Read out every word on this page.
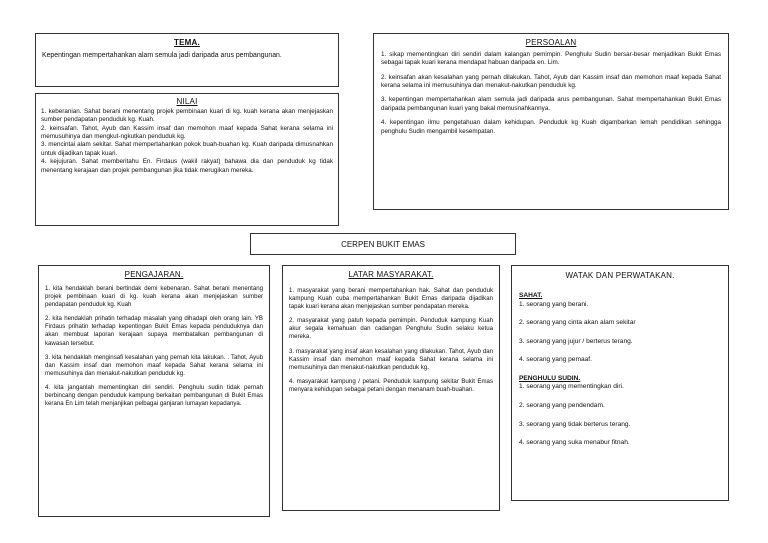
TEMA.
Kepentingan mempertahankan alam semula jadi daripada arus pembangunan.
NILAI

1. keberanian. Sahat berani menentang projek pembinaan kuari di kg. kuah kerana akan menjejaskan sumber pendapatan penduduk kg. Kuah.

2. keinsafan. Tahot, Ayub dan Kassim insaf dan memohon maaf kepada Sahat kerana selama ini memusuhinya dan mengkut-ngkutkan penduduk kg.

3. mencintai alam sekitar. Sahat mempertahankan pokok buah-buahan kg. Kuah daripada dimusnahkan untuk dijadikan tapak kuari.

4. kejujuran. Sahat memberitahu En. Firdaus (wakil rakyat) bahawa dia dan penduduk kg tidak menentang kerajaan dan projek pembangunan jika tidak merugikan mereka.

PERSOALAN

1. sikap mementingkan diri sendiri dalam kalangan pemimpin. Penghulu Sudin bersar-besar menjadikan Bukit Emas sebagai tapak kuari kerana mendapat habuan daripada en. Lim.

2. keinsafan akan kesalahan yang pernah dilakukan. Tahot, Ayub dan Kassim insaf dan memohon maaf kepada Sahat kerana selama ini memusuhinya dan menakut-nakutkan penduduk kg.

3. kepentingan mempertahankan alam semula jadi daripada arus pembangunan. Sahat mempertahankan Bukit Emas daripada pembangunan kuari yang bakal memusnahkannya.

4. kepentingan ilmu pengetahuan dalam kehidupan. Penduduk kg Kuah digambarkan lemah pendidikan sehingga penghulu Sudin mengambil kesempatan.

CERPEN BUKIT EMAS
PENGAJARAN.

1. kita hendaklah berani bertindak demi kebenaran. Sahat berani menentang projek pembinaan kuari di kg. kuah kerana akan menjejaskan sumber pendapatan penduduk kg. Kuah

2. kita hendaklah prihatin terhadap masalah yang dihadapi oleh orang lain. YB Firdaus prihatin terhadap kepentingan Bukit Emas kepada penduduknya dan akan membuat laporan kerajaan supaya membatalkan pembangunan di kawasan tersebut.

3. kita hendaklah menginsafi kesalahan yang pernah kita lakukan. . Tahot, Ayub dan Kassim insaf dan memohon maaf kepada Sahat kerana selama ini memusuhinya dan menakut-nakutkan penduduk kg.

4. kita janganlah mementingkan diri sendiri. Penghulu sudin tidak pernah berbincang dengan penduduk kampung berkaitan pembangunan di Bukit Emas kerana En Lim telah menjanjikan pelbagai ganjaran lumayan kepadanya.

LATAR MASYARAKAT.

1. masyarakat yang berani mempertahankan hak. Sahat dan penduduk kampung Kuah cuba mempertahankan Bukit Emas daripada dijadikan tapak kuari kerana akan menjejaskan sumber pendapatan mereka.

2. masyarakat yang patuh kepada pemimpin. Penduduk kampung Kuah akur segala kemahuan dan cadangan Penghulu Sudin selaku ketua mereka.

3. masyarakat yang insaf akan kesalahan yang dilakukan. Tahot, Ayub dan Kassim insaf dan memohon maaf kepada Sahat kerana selama ini memusuhinya dan menakut-nakutkan penduduk kg.

4. masyarakat kampung / petani. Penduduk kampung sekitar Bukit Emas menyara kehidupan sebagai petani dengan menanam buah-buahan.

WATAK DAN PERWATAKAN.

SAHAT.

1. seorang yang berani.

2. seorang yang cinta akan alam sekitar

3. seorang yang jujur / berterus terang.

4. seorang yang pemaaf.

PENGHULU SUDIN.

1. seorang yang mementingkan diri.

2. seorang yang pendendam.

3. seorang yang tidak berterus terang.

4. seorang yang suka menabur fitnah.
